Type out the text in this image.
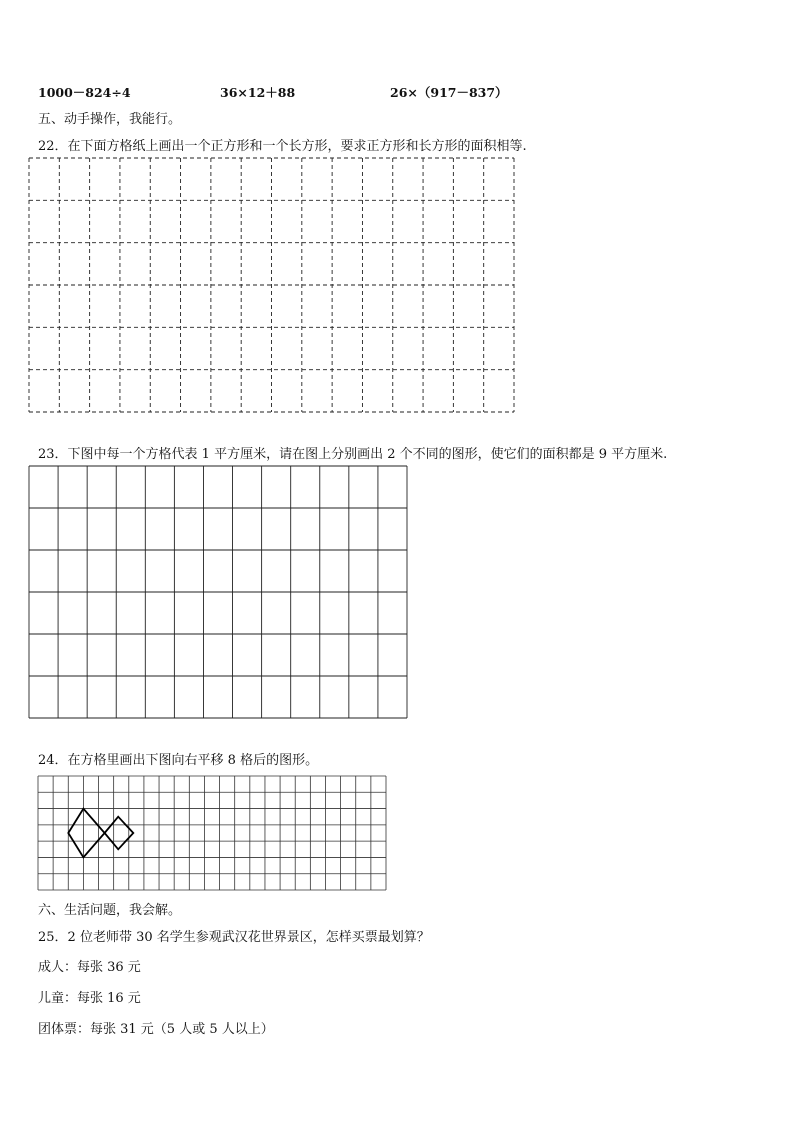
1000－824÷4	36×12＋88	26×（917－837）
五、动手操作，我能行。
22．在下面方格纸上画出一个正方形和一个长方形，要求正方形和长方形的面积相等.
23．下图中每一个方格代表 1 平方厘米，请在图上分别画出 2 个不同的图形，使它们的面积都是 9 平方厘米.
24．在方格里画出下图向右平移 8 格后的图形。
六、生活问题，我会解。
25．2 位老师带 30 名学生参观武汉花世界景区，怎样买票最划算？
成人：每张 36 元
儿童：每张 16 元
团体票：每张 31 元（5 人或 5 人以上）
